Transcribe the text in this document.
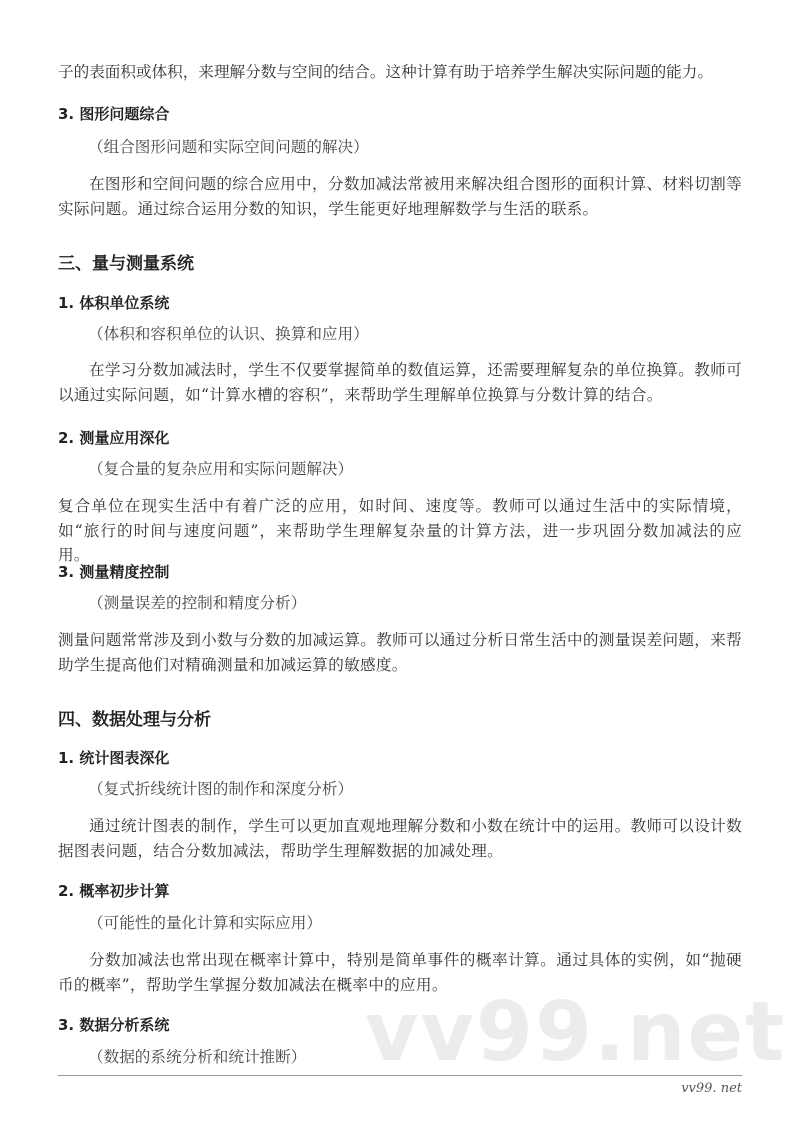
vv99.net
子的表面积或体积，来理解分数与空间的结合。这种计算有助于培养学生解决实际问题的能力。
3. 图形问题综合
（组合图形问题和实际空间问题的解决）
在图形和空间问题的综合应用中，分数加减法常被用来解决组合图形的面积计算、材料切割等实际问题。通过综合运用分数的知识，学生能更好地理解数学与生活的联系。
三、量与测量系统
1. 体积单位系统
（体积和容积单位的认识、换算和应用）
在学习分数加减法时，学生不仅要掌握简单的数值运算，还需要理解复杂的单位换算。教师可以通过实际问题，如“计算水槽的容积”，来帮助学生理解单位换算与分数计算的结合。
2. 测量应用深化
（复合量的复杂应用和实际问题解决）
复合单位在现实生活中有着广泛的应用，如时间、速度等。教师可以通过生活中的实际情境，如“旅行的时间与速度问题”，来帮助学生理解复杂量的计算方法，进一步巩固分数加减法的应用。
3. 测量精度控制
（测量误差的控制和精度分析）
测量问题常常涉及到小数与分数的加减运算。教师可以通过分析日常生活中的测量误差问题，来帮助学生提高他们对精确测量和加减运算的敏感度。
四、数据处理与分析
1. 统计图表深化
（复式折线统计图的制作和深度分析）
通过统计图表的制作，学生可以更加直观地理解分数和小数在统计中的运用。教师可以设计数据图表问题，结合分数加减法，帮助学生理解数据的加减处理。
2. 概率初步计算
（可能性的量化计算和实际应用）
分数加减法也常出现在概率计算中，特别是简单事件的概率计算。通过具体的实例，如“抛硬币的概率”，帮助学生掌握分数加减法在概率中的应用。
3. 数据分析系统
（数据的系统分析和统计推断）
vv99. net
